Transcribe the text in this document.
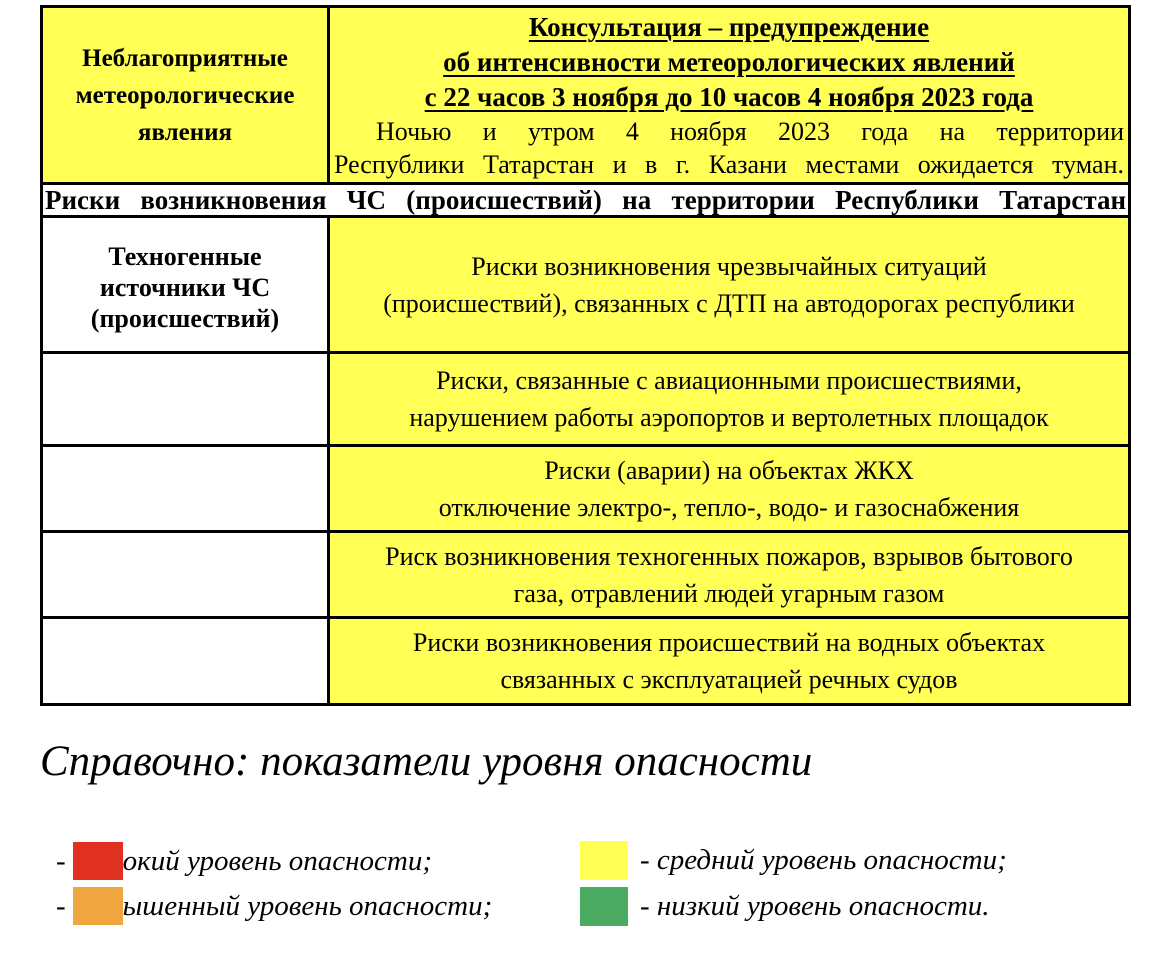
Неблагоприятные
метеорологические
явления

Консультация – предупреждение
об интенсивности метеорологических явлений
с 22 часов 3 ноября до 10 часов 4 ноября 2023 года
Ночью и утром 4 ноября 2023 года на территории
Республики Татарстан и в г. Казани местами ожидается туман.

Риски возникновения ЧС (происшествий) на территории Республики Татарстан	

Техногенные
источники ЧС
(происшествий)

Риски возникновения чрезвычайных ситуаций
(происшествий), связанных с ДТП на автодорогах республики

	Риски, связанные с авиационными происшествиями,
нарушением работы аэропортов и вертолетных площадок

	Риски (аварии) на объектах ЖКХ
отключение электро-, тепло-, водо- и газоснабжения

	Риск возникновения техногенных пожаров, взрывов бытового
газа, отравлений людей угарным газом

	Риски возникновения происшествий на водных объектах
связанных с эксплуатацией речных судов
Справочно: показатели уровня опасности
- окий уровень опасности;
- ышенный уровень опасности;
- средний уровень опасности;
- низкий уровень опасности.
